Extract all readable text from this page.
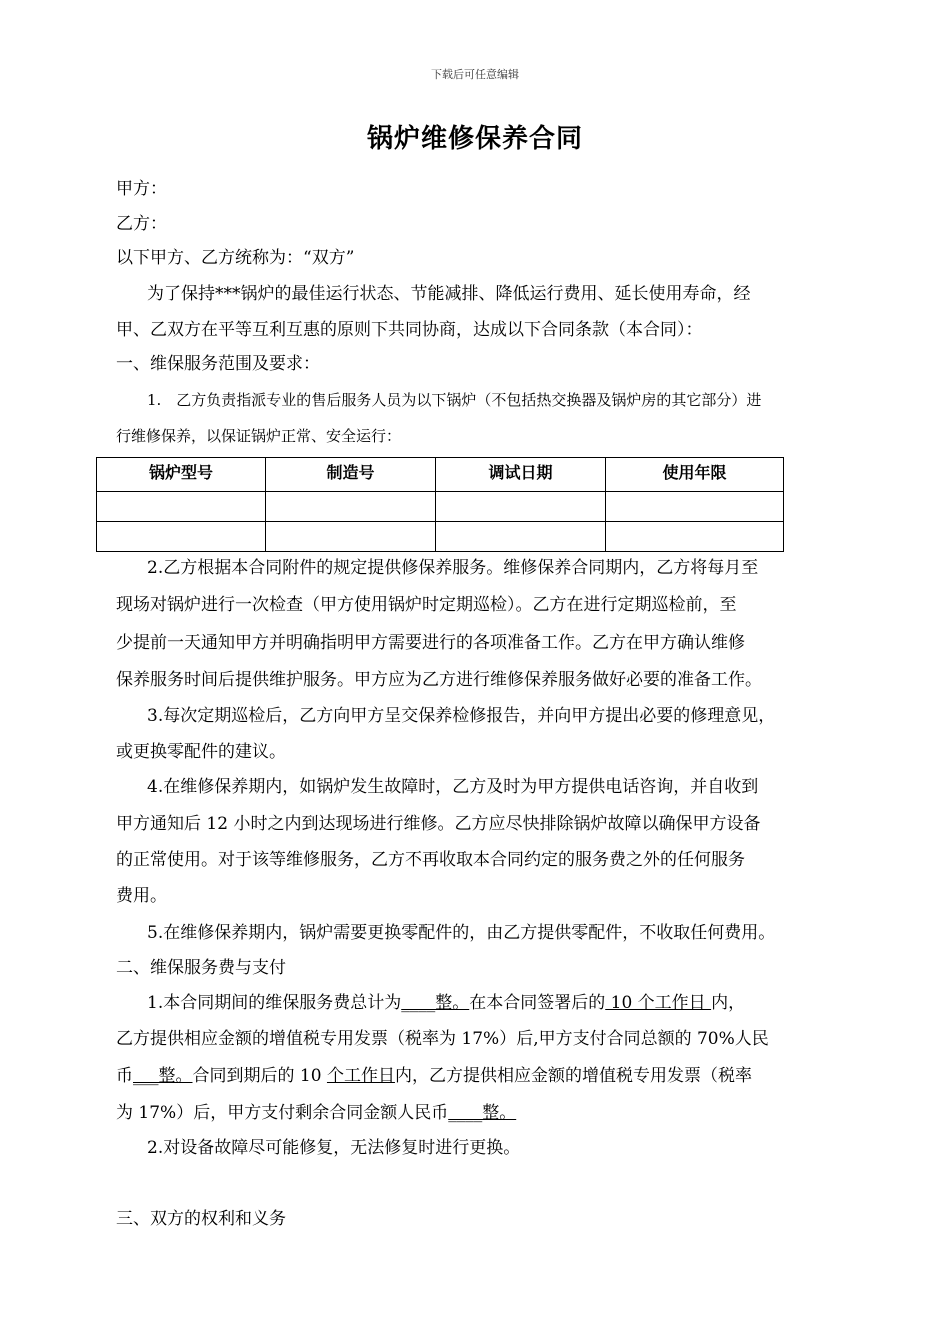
下载后可任意编辑
锅炉维修保养合同
甲方：
乙方：
以下甲方、乙方统称为：“双方”
为了保持***锅炉的最佳运行状态、节能减排、降低运行费用、延长使用寿命，经
甲、乙双方在平等互利互惠的原则下共同协商，达成以下合同条款（本合同）：
一、维保服务范围及要求：
1.　乙方负责指派专业的售后服务人员为以下锅炉（不包括热交换器及锅炉房的其它部分）进
行维修保养，以保证锅炉正常、安全运行：
锅炉型号	制造号	调试日期	使用年限

2.乙方根据本合同附件的规定提供修保养服务。维修保养合同期内，乙方将每月至
现场对锅炉进行一次检查（甲方使用锅炉时定期巡检）。乙方在进行定期巡检前，至
少提前一天通知甲方并明确指明甲方需要进行的各项准备工作。乙方在甲方确认维修
保养服务时间后提供维护服务。甲方应为乙方进行维修保养服务做好必要的准备工作。
3.每次定期巡检后，乙方向甲方呈交保养检修报告，并向甲方提出必要的修理意见，
或更换零配件的建议。
4.在维修保养期内，如锅炉发生故障时，乙方及时为甲方提供电话咨询，并自收到
甲方通知后 12 小时之内到达现场进行维修。乙方应尽快排除锅炉故障以确保甲方设备
的正常使用。对于该等维修服务，乙方不再收取本合同约定的服务费之外的任何服务
费用。
5.在维修保养期内，锅炉需要更换零配件的，由乙方提供零配件，不收取任何费用。
二、维保服务费与支付
1.本合同期间的维保服务费总计为____整。在本合同签署后的 10 个工作日 内，
乙方提供相应金额的增值税专用发票（税率为 17%）后,甲方支付合同总额的 70%人民
币___整。合同到期后的 10 个工作日内，乙方提供相应金额的增值税专用发票（税率
为 17%）后，甲方支付剩余合同金额人民币____整。
2.对设备故障尽可能修复，无法修复时进行更换。
三、双方的权利和义务
